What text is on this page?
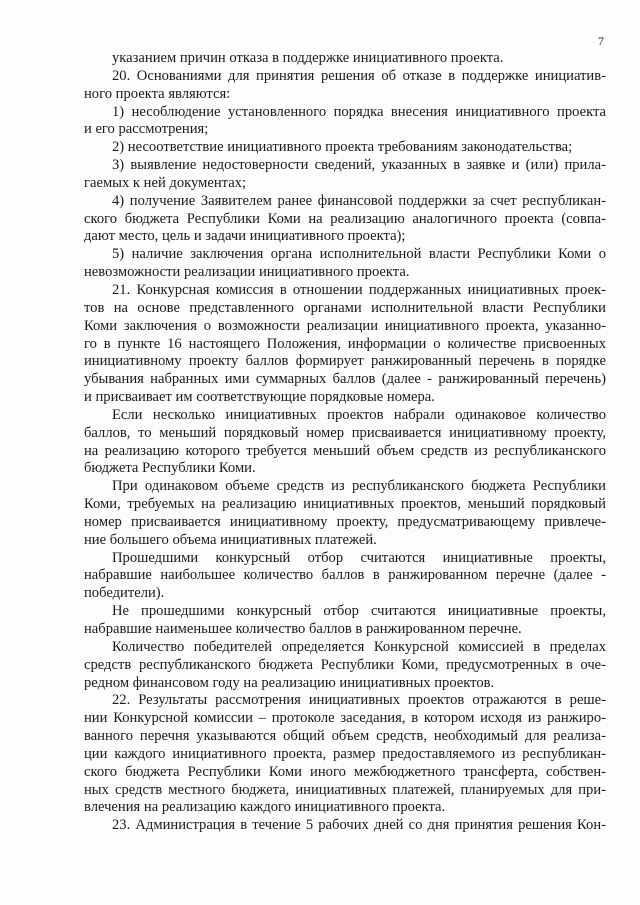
7
указанием причин отказа в поддержке инициативного проекта.
20. Основаниями для принятия решения об отказе в поддержке инициатив-
ного проекта являются:
1) несоблюдение установленного порядка внесения инициативного проекта
и его рассмотрения;
2) несоответствие инициативного проекта требованиям законодательства;
3) выявление недостоверности сведений, указанных в заявке и (или) прила-
гаемых к ней документах;
4) получение Заявителем ранее финансовой поддержки за счет республикан-
ского бюджета Республики Коми на реализацию аналогичного проекта (совпа-
дают место, цель и задачи инициативного проекта);
5) наличие заключения органа исполнительной власти Республики Коми о
невозможности реализации инициативного проекта.
21. Конкурсная комиссия в отношении поддержанных инициативных проек-
тов на основе представленного органами исполнительной власти Республики
Коми заключения о возможности реализации инициативного проекта, указанно-
го в пункте 16 настоящего Положения, информации о количестве присвоенных
инициативному проекту баллов формирует ранжированный перечень в порядке
убывания набранных ими суммарных баллов (далее - ранжированный перечень)
и присваивает им соответствующие порядковые номера.
Если несколько инициативных проектов набрали одинаковое количество
баллов, то меньший порядковый номер присваивается инициативному проекту,
на реализацию которого требуется меньший объем средств из республиканского
бюджета Республики Коми.
При одинаковом объеме средств из республиканского бюджета Республики
Коми, требуемых на реализацию инициативных проектов, меньший порядковый
номер присваивается инициативному проекту, предусматривающему привлече-
ние большего объема инициативных платежей.
Прошедшими конкурсный отбор считаются инициативные проекты,
набравшие наибольшее количество баллов в ранжированном перечне (далее -
победители).
Не прошедшими конкурсный отбор считаются инициативные проекты,
набравшие наименьшее количество баллов в ранжированном перечне.
Количество победителей определяется Конкурсной комиссией в пределах
средств республиканского бюджета Республики Коми, предусмотренных в оче-
редном финансовом году на реализацию инициативных проектов.
22. Результаты рассмотрения инициативных проектов отражаются в реше-
нии Конкурсной комиссии – протоколе заседания, в котором исходя из ранжиро-
ванного перечня указываются общий объем средств, необходимый для реализа-
ции каждого инициативного проекта, размер предоставляемого из республикан-
ского бюджета Республики Коми иного межбюджетного трансферта, собствен-
ных средств местного бюджета, инициативных платежей, планируемых для при-
влечения на реализацию каждого инициативного проекта.
23. Администрация в течение 5 рабочих дней со дня принятия решения Кон-
